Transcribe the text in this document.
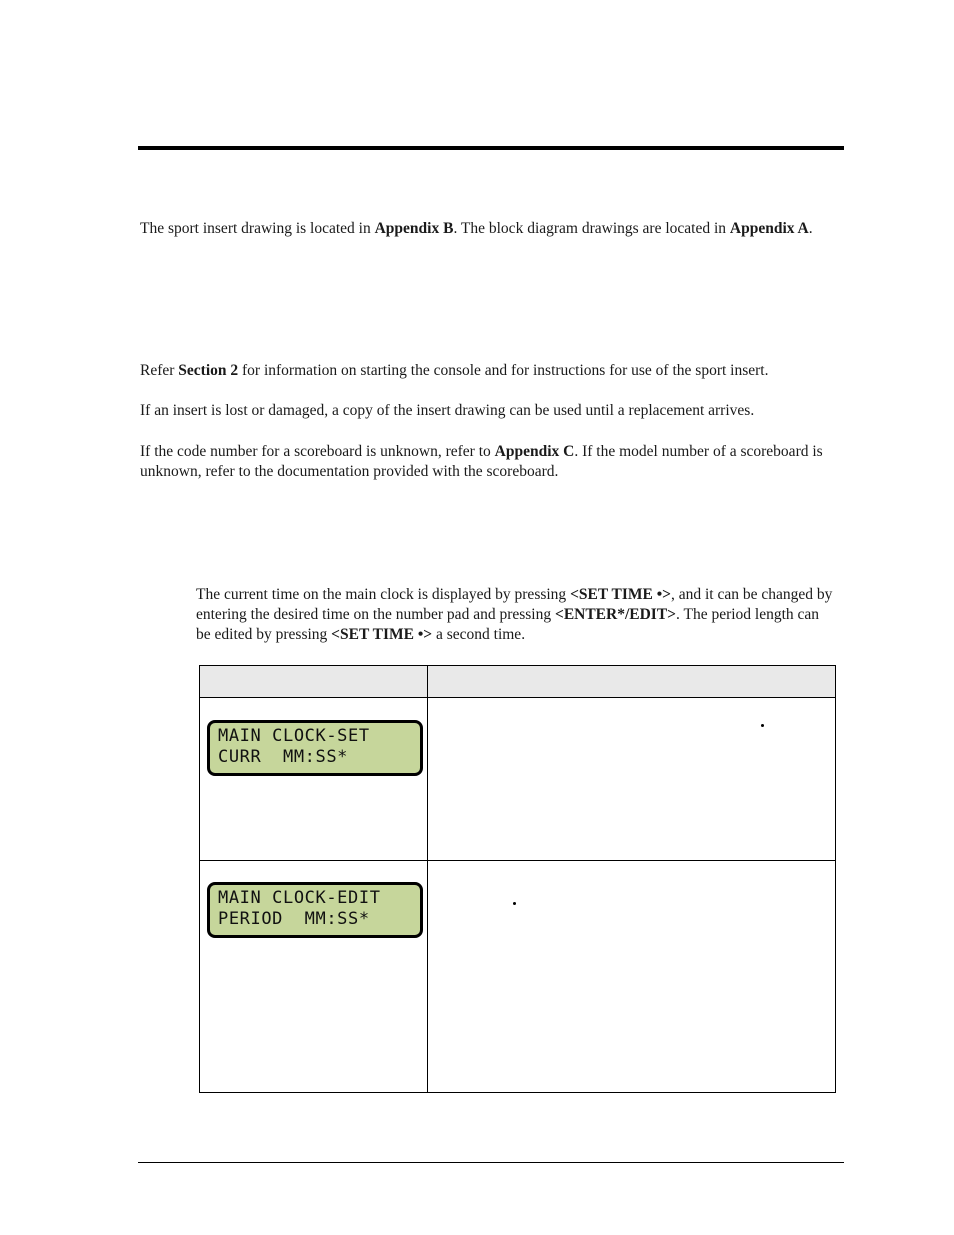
The sport insert drawing is located in Appendix B. The block diagram drawings are located in Appendix A.

Refer Section 2 for information on starting the console and for instructions for use of the sport insert.

If an insert is lost or damaged, a copy of the insert drawing can be used until a replacement arrives.

If the code number for a scoreboard is unknown, refer to Appendix C. If the model number of a scoreboard is unknown, refer to the documentation provided with the scoreboard.

The current time on the main clock is displayed by pressing <SET TIME •>, and it can be changed by entering the desired time on the number pad and pressing <ENTER*/EDIT>. The period length can be edited by pressing <SET TIME •> a second time.

MAIN CLOCK-SET
CURR  MM:SS*	

MAIN CLOCK-EDIT
PERIOD  MM:SS*	
